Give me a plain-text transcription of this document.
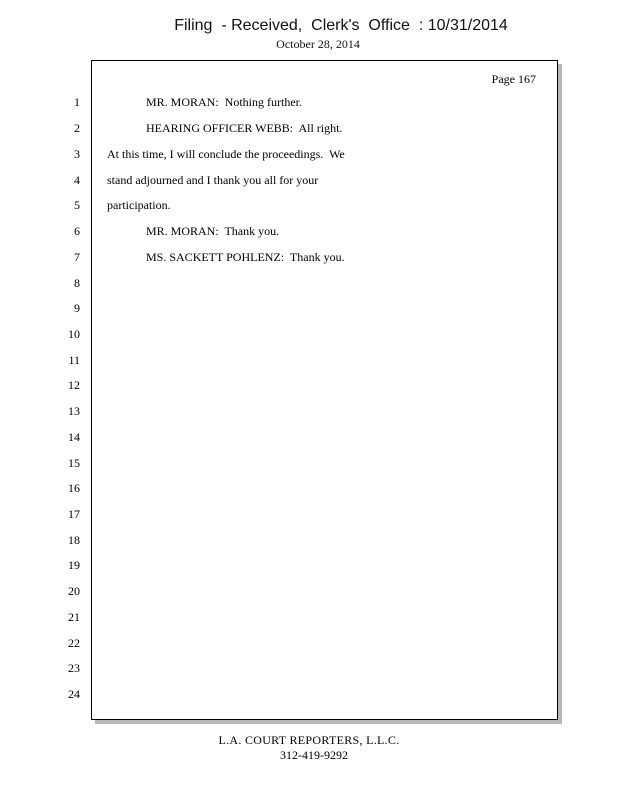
Filing  - Received,  Clerk's  Office  : 10/31/2014
October 28, 2014
Page 167
1
2
3
4
5
6
7
8
9
10
11
12
13
14
15
16
17
18
19
20
21
22
23
24
MR. MORAN:  Nothing further.
HEARING OFFICER WEBB:  All right.
At this time, I will conclude the proceedings.  We
stand adjourned and I thank you all for your
participation.
MR. MORAN:  Thank you.
MS. SACKETT POHLENZ:  Thank you.
L.A. COURT REPORTERS, L.L.C.
312-419-9292
